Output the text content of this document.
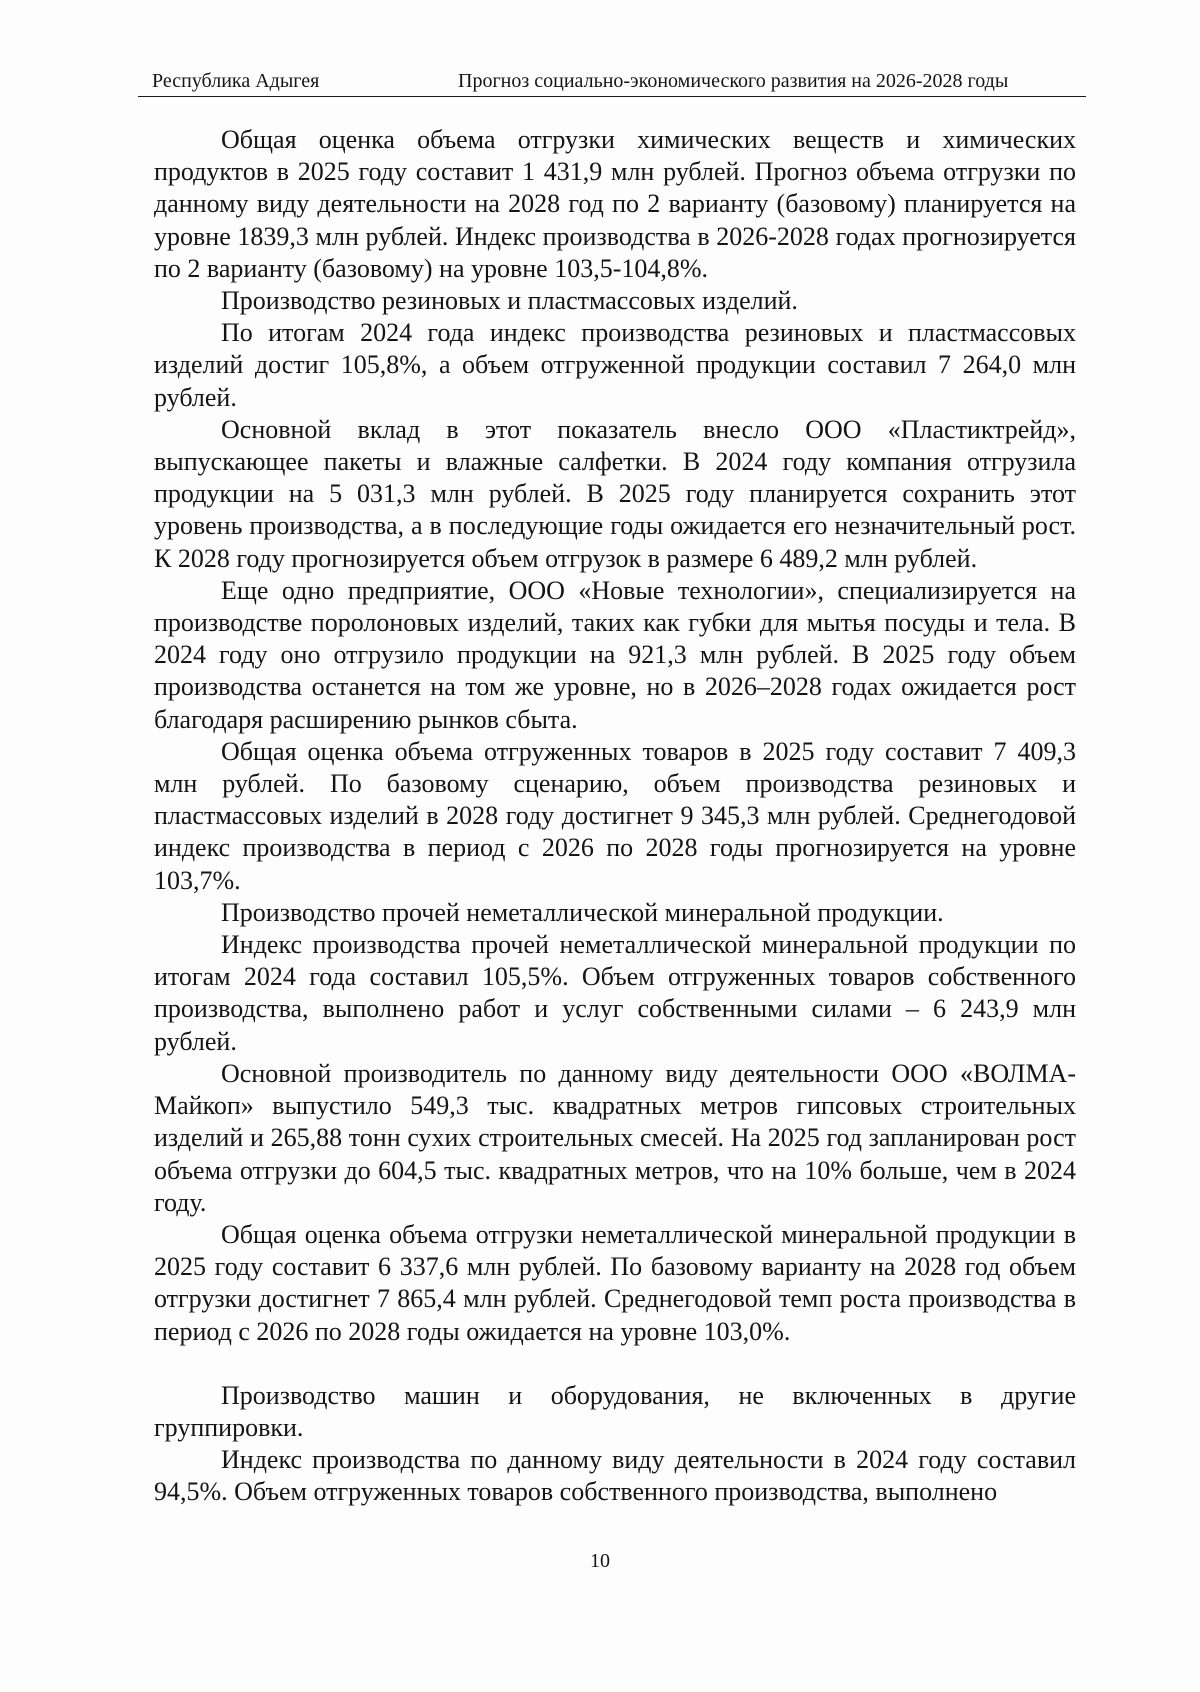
Республика Адыгея	Прогноз социально-экономического развития на 2026-2028 годы

Общая оценка объема отгрузки химических веществ и химических продуктов в 2025 году составит 1 431,9 млн рублей. Прогноз объема отгрузки по данному виду деятельности на 2028 год по 2 варианту (базовому) планируется на уровне 1839,3 млн рублей. Индекс производства в 2026-2028 годах прогнозируется по 2 варианту (базовому) на уровне 103,5-104,8%.

Производство резиновых и пластмассовых изделий.

По итогам 2024 года индекс производства резиновых и пластмассовых изделий достиг 105,8%, а объем отгруженной продукции составил 7 264,0 млн рублей.

Основной вклад в этот показатель внесло ООО «Пластиктрейд», выпускающее пакеты и влажные салфетки. В 2024 году компания отгрузила продукции на 5 031,3 млн рублей. В 2025 году планируется сохранить этот уровень производства, а в последующие годы ожидается его незначительный рост. К 2028 году прогнозируется объем отгрузок в размере 6 489,2 млн рублей.

Еще одно предприятие, ООО «Новые технологии», специализируется на производстве поролоновых изделий, таких как губки для мытья посуды и тела. В 2024 году оно отгрузило продукции на 921,3 млн рублей. В 2025 году объем производства останется на том же уровне, но в 2026–2028 годах ожидается рост благодаря расширению рынков сбыта.

Общая оценка объема отгруженных товаров в 2025 году составит 7 409,3 млн рублей. По базовому сценарию, объем производства резиновых и пластмассовых изделий в 2028 году достигнет 9 345,3 млн рублей. Среднегодовой индекс производства в период с 2026 по 2028 годы прогнозируется на уровне 103,7%.

Производство прочей неметаллической минеральной продукции.

Индекс производства прочей неметаллической минеральной продукции по итогам 2024 года составил 105,5%. Объем отгруженных товаров собственного производства, выполнено работ и услуг собственными силами – 6 243,9 млн рублей.

Основной производитель по данному виду деятельности ООО «ВОЛМА-Майкоп» выпустило 549,3 тыс. квадратных метров гипсовых строительных изделий и 265,88 тонн сухих строительных смесей. На 2025 год запланирован рост объема отгрузки до 604,5 тыс. квадратных метров, что на 10% больше, чем в 2024 году.

Общая оценка объема отгрузки неметаллической минеральной продукции в 2025 году составит 6 337,6 млн рублей. По базовому варианту на 2028 год объем отгрузки достигнет 7 865,4 млн рублей. Среднегодовой темп роста производства в период с 2026 по 2028 годы ожидается на уровне 103,0%.

Производство машин и оборудования, не включенных в другие группировки.

Индекс производства по данному виду деятельности в 2024 году составил 94,5%. Объем отгруженных товаров собственного производства, выполнено

10
